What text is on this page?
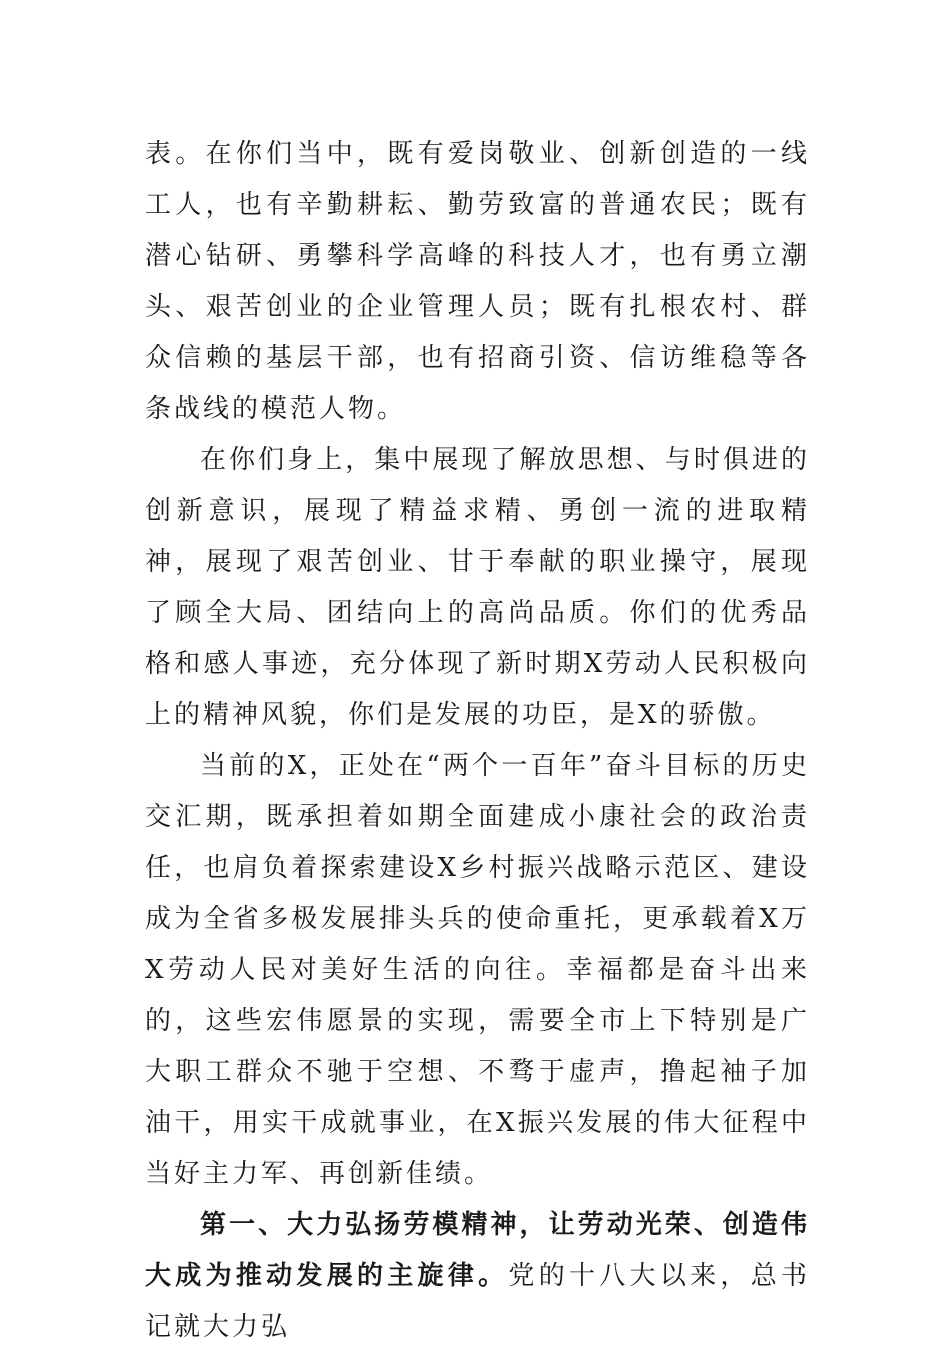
表。在你们当中，既有爱岗敬业、创新创造的一线工人，也有辛勤耕耘、勤劳致富的普通农民；既有潜心钻研、勇攀科学高峰的科技人才，也有勇立潮头、艰苦创业的企业管理人员；既有扎根农村、群众信赖的基层干部，也有招商引资、信访维稳等各条战线的模范人物。

在你们身上，集中展现了解放思想、与时俱进的创新意识，展现了精益求精、勇创一流的进取精神，展现了艰苦创业、甘于奉献的职业操守，展现了顾全大局、团结向上的高尚品质。你们的优秀品格和感人事迹，充分体现了新时期X劳动人民积极向上的精神风貌，你们是发展的功臣，是X的骄傲。

当前的X，正处在“两个一百年”奋斗目标的历史交汇期，既承担着如期全面建成小康社会的政治责任，也肩负着探索建设X乡村振兴战略示范区、建设成为全省多极发展排头兵的使命重托，更承载着X万X劳动人民对美好生活的向往。幸福都是奋斗出来的，这些宏伟愿景的实现，需要全市上下特别是广大职工群众不驰于空想、不骛于虚声，撸起袖子加油干，用实干成就事业，在X振兴发展的伟大征程中当好主力军、再创新佳绩。

第一、大力弘扬劳模精神，让劳动光荣、创造伟大成为推动发展的主旋律。党的十八大以来，总书记就大力弘
